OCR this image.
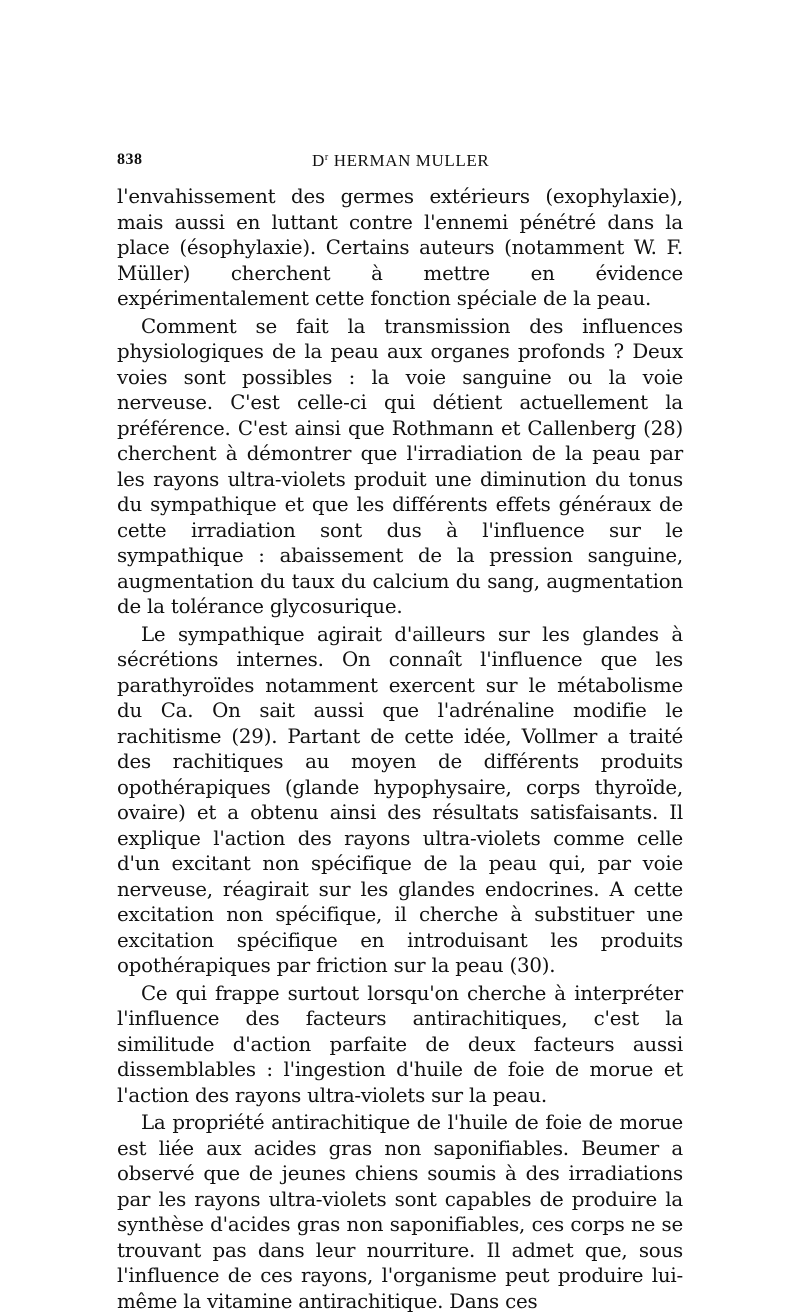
838	$D^r$ HERMAN MULLER

l'envahissement des germes extérieurs (exophylaxie), mais aussi en luttant contre l'ennemi pénétré dans la place (ésophylaxie). Certains auteurs (notamment W. F. Müller) cherchent à mettre en évidence expérimentalement cette fonction spéciale de la peau.

Comment se fait la transmission des influences physiologiques de la peau aux organes profonds ? Deux voies sont possibles : la voie sanguine ou la voie nerveuse. C'est celle-ci qui détient actuellement la préférence. C'est ainsi que Rothmann et Callenberg (28) cherchent à démontrer que l'irradiation de la peau par les rayons ultra-violets produit une diminution du tonus du sympathique et que les différents effets généraux de cette irradiation sont dus à l'influence sur le sympathique : abaissement de la pression sanguine, augmentation du taux du calcium du sang, augmentation de la tolérance glycosurique.

Le sympathique agirait d'ailleurs sur les glandes à sécrétions internes. On connaît l'influence que les parathyroïdes notamment exercent sur le métabolisme du Ca. On sait aussi que l'adrénaline modifie le rachitisme (29). Partant de cette idée, Vollmer a traité des rachitiques au moyen de différents produits opothérapiques (glande hypophysaire, corps thyroïde, ovaire) et a obtenu ainsi des résultats satisfaisants. Il explique l'action des rayons ultra-violets comme celle d'un excitant non spécifique de la peau qui, par voie nerveuse, réagirait sur les glandes endocrines. A cette excitation non spécifique, il cherche à substituer une excitation spécifique en introduisant les produits opothérapiques par friction sur la peau (30).

Ce qui frappe surtout lorsqu'on cherche à interpréter l'influence des facteurs antirachitiques, c'est la similitude d'action parfaite de deux facteurs aussi dissemblables : l'ingestion d'huile de foie de morue et l'action des rayons ultra-violets sur la peau.

La propriété antirachitique de l'huile de foie de morue est liée aux acides gras non saponifiables. Beumer a observé que de jeunes chiens soumis à des irradiations par les rayons ultra-violets sont capables de produire la synthèse d'acides gras non saponifiables, ces corps ne se trouvant pas dans leur nourriture. Il admet que, sous l'influence de ces rayons, l'organisme peut produire lui-même la vitamine antirachitique. Dans ces
